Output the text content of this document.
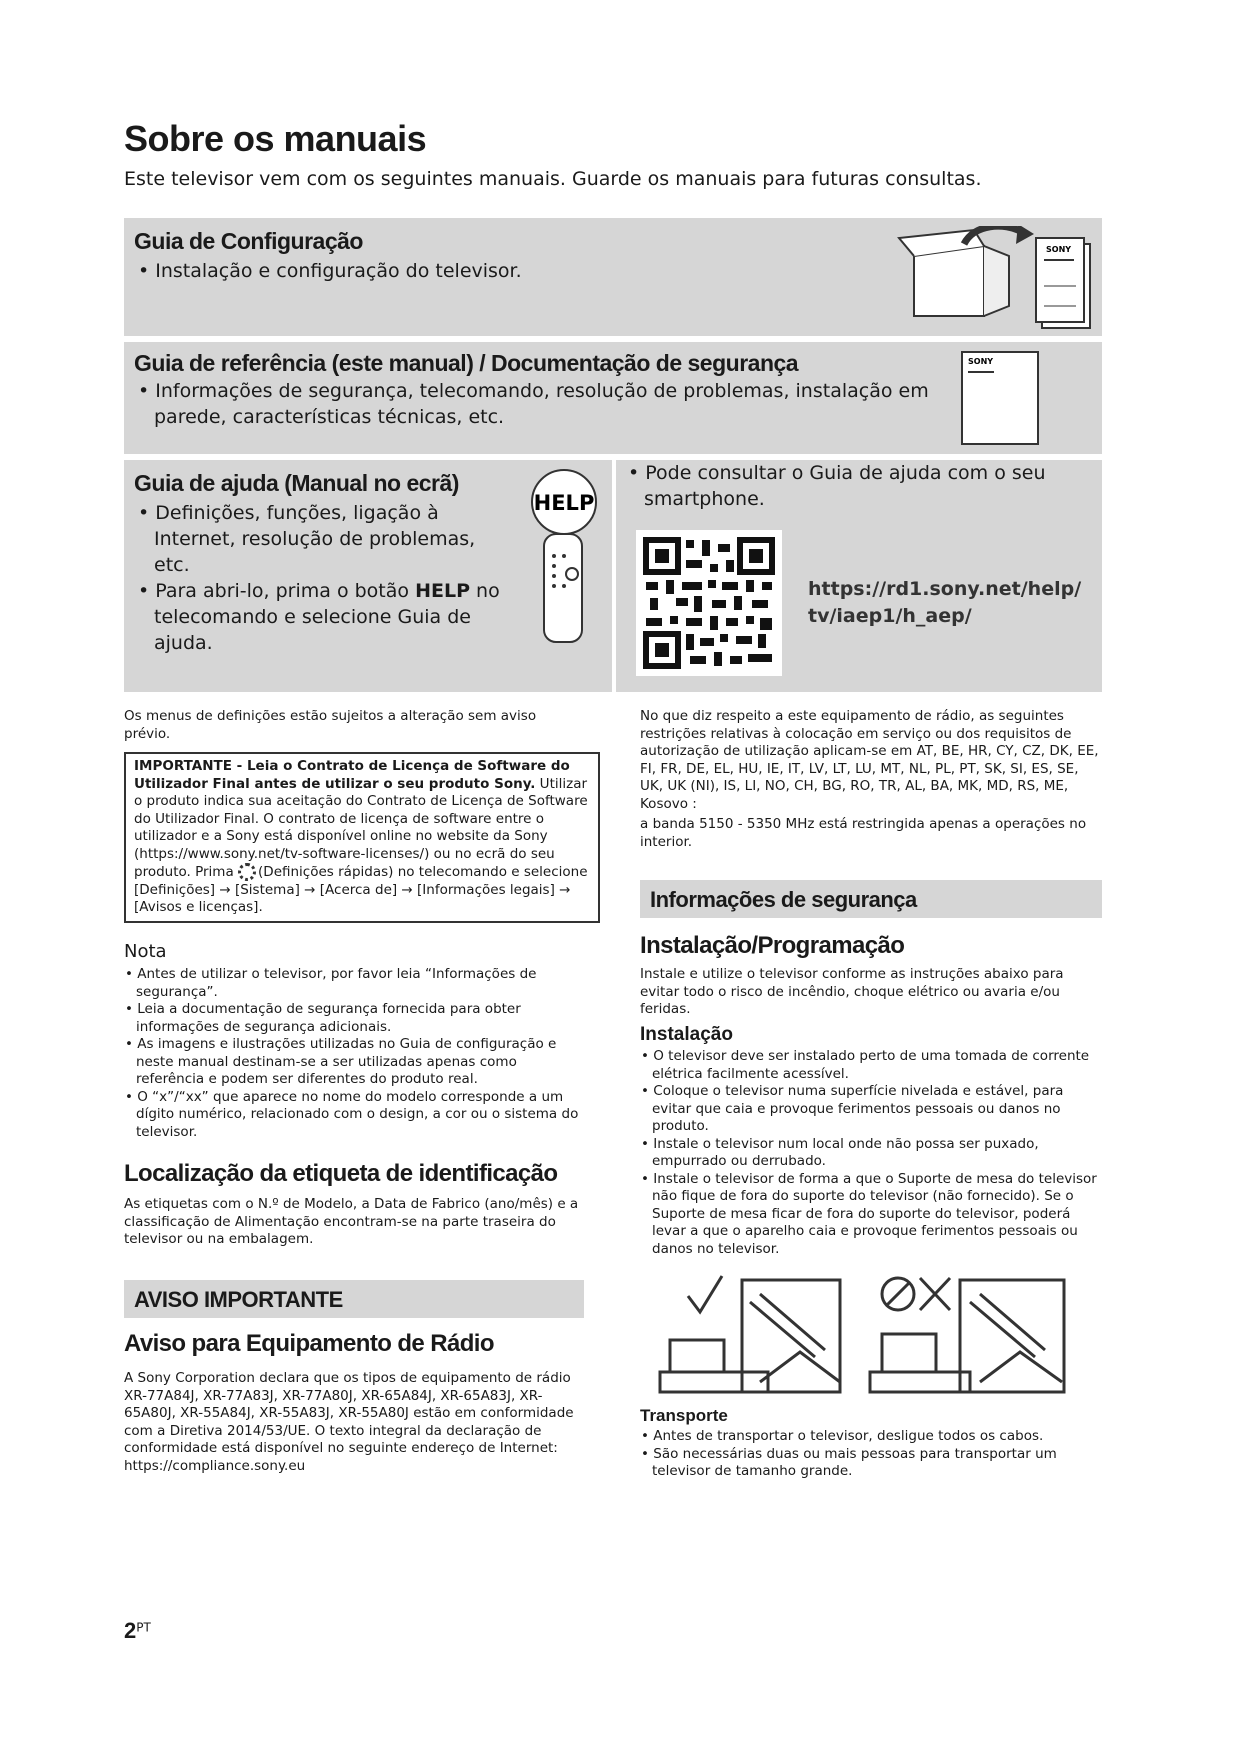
Sobre os manuais
Este televisor vem com os seguintes manuais. Guarde os manuais para futuras consultas.
Guia de Configuração
• Instalação e configuração do televisor.
SONY
Guia de referência (este manual) / Documentação de segurança
• Informações de segurança, telecomando, resolução de problemas, instalação em parede, características técnicas, etc.
SONY
Guia de ajuda (Manual no ecrã)
• Definições, funções, ligação à Internet, resolução de problemas, etc.
• Para abri-lo, prima o botão HELP no telecomando e selecione Guia de ajuda.
HELP
• Pode consultar o Guia de ajuda com o seu smartphone.
https://rd1.sony.net/help/tv/iaep1/h_aep/
Os menus de definições estão sujeitos a alteração sem aviso prévio.
IMPORTANTE - Leia o Contrato de Licença de Software do Utilizador Final antes de utilizar o seu produto Sony. Utilizar o produto indica sua aceitação do Contrato de Licença de Software do Utilizador Final. O contrato de licença de software entre o utilizador e a Sony está disponível online no website da Sony (https://www.sony.net/tv-software-licenses/) ou no ecrã do seu produto. Prima (Definições rápidas) no telecomando e selecione [Definições] → [Sistema] → [Acerca de] → [Informações legais] → [Avisos e licenças].
Nota
• Antes de utilizar o televisor, por favor leia “Informações de segurança”.
• Leia a documentação de segurança fornecida para obter informações de segurança adicionais.
• As imagens e ilustrações utilizadas no Guia de configuração e neste manual destinam-se a ser utilizadas apenas como referência e podem ser diferentes do produto real.
• O “x”/“xx” que aparece no nome do modelo corresponde a um dígito numérico, relacionado com o design, a cor ou o sistema do televisor.
Localização da etiqueta de identificação
As etiquetas com o N.º de Modelo, a Data de Fabrico (ano/mês) e a classificação de Alimentação encontram-se na parte traseira do televisor ou na embalagem.
AVISO IMPORTANTE
Aviso para Equipamento de Rádio
A Sony Corporation declara que os tipos de equipamento de rádio XR-77A84J, XR-77A83J, XR-77A80J, XR-65A84J, XR-65A83J, XR-65A80J, XR-55A84J, XR-55A83J, XR-55A80J estão em conformidade com a Diretiva 2014/53/UE. O texto integral da declaração de conformidade está disponível no seguinte endereço de Internet: https://compliance.sony.eu
No que diz respeito a este equipamento de rádio, as seguintes restrições relativas à colocação em serviço ou dos requisitos de autorização de utilização aplicam-se em AT, BE, HR, CY, CZ, DK, EE, FI, FR, DE, EL, HU, IE, IT, LV, LT, LU, MT, NL, PL, PT, SK, SI, ES, SE, UK, UK (NI), IS, LI, NO, CH, BG, RO, TR, AL, BA, MK, MD, RS, ME, Kosovo :
a banda 5150 - 5350 MHz está restringida apenas a operações no interior.
Informações de segurança
Instalação/Programação
Instale e utilize o televisor conforme as instruções abaixo para evitar todo o risco de incêndio, choque elétrico ou avaria e/ou feridas.
Instalação
• O televisor deve ser instalado perto de uma tomada de corrente elétrica facilmente acessível.
• Coloque o televisor numa superfície nivelada e estável, para evitar que caia e provoque ferimentos pessoais ou danos no produto.
• Instale o televisor num local onde não possa ser puxado, empurrado ou derrubado.
• Instale o televisor de forma a que o Suporte de mesa do televisor não fique de fora do suporte do televisor (não fornecido). Se o Suporte de mesa ficar de fora do suporte do televisor, poderá levar a que o aparelho caia e provoque ferimentos pessoais ou danos no televisor.
Transporte
• Antes de transportar o televisor, desligue todos os cabos.
• São necessárias duas ou mais pessoas para transportar um televisor de tamanho grande.
$2^{PT}$
